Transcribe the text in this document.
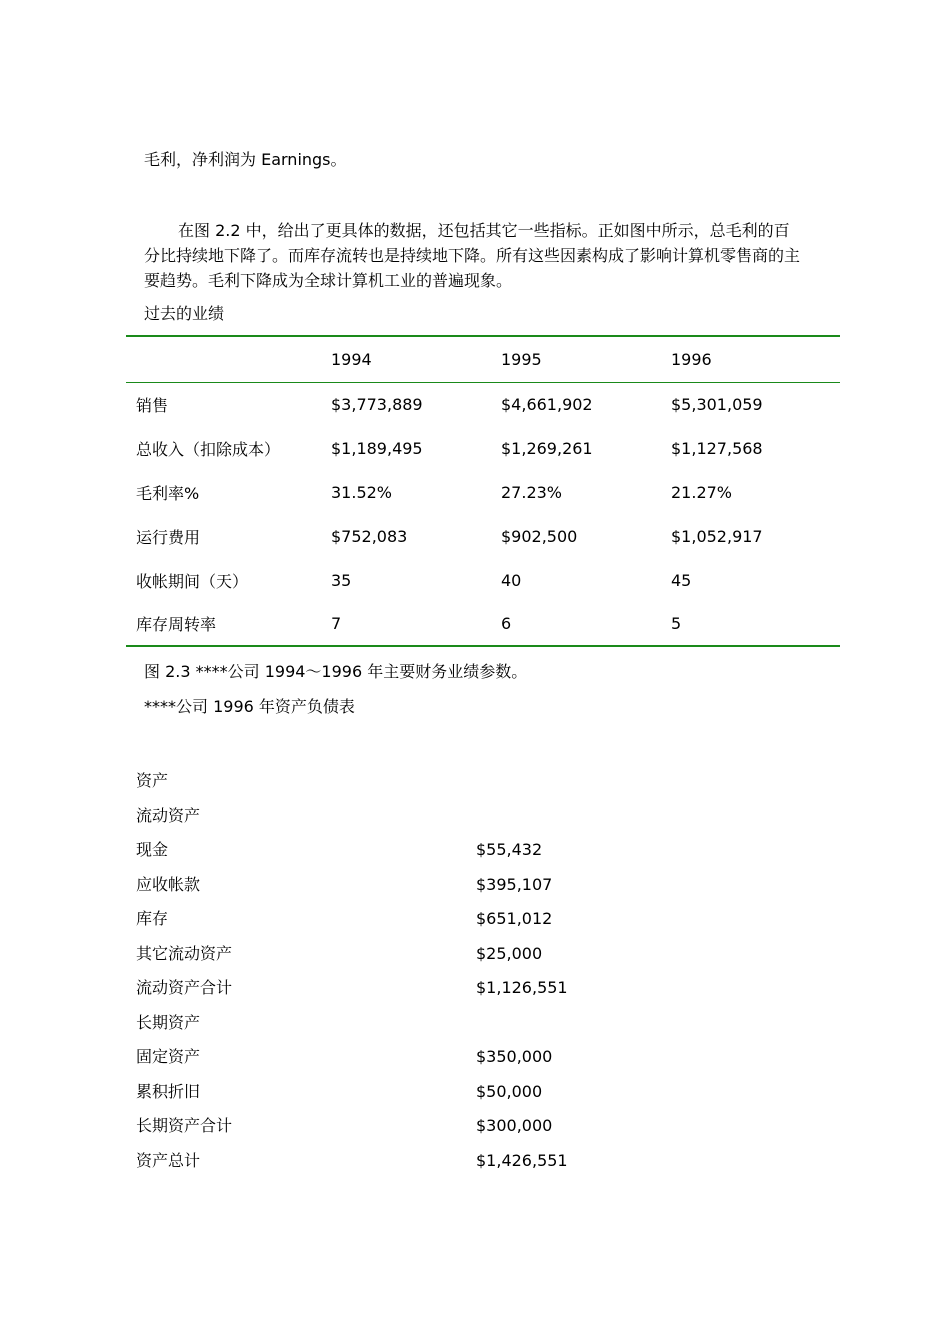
毛利，净利润为 Earnings。
在图 2.2 中，给出了更具体的数据，还包括其它一些指标。正如图中所示，总毛利的百分比持续地下降了。而库存流转也是持续地下降。所有这些因素构成了影响计算机零售商的主要趋势。毛利下降成为全球计算机工业的普遍现象。
过去的业绩
	1994	1995	1996
销售	$3,773,889	$4,661,902	$5,301,059
总收入（扣除成本）	$1,189,495	$1,269,261	$1,127,568
毛利率%	31.52%	27.23%	21.27%
运行费用	$752,083	$902,500	$1,052,917
收帐期间（天）	35	40	45
库存周转率	7	6	5
图 2.3 ****公司 1994～1996 年主要财务业绩参数。
****公司 1996 年资产负债表
资产
流动资产
现金	$55,432
应收帐款	$395,107
库存	$651,012
其它流动资产	$25,000
流动资产合计	$1,126,551
长期资产
固定资产	$350,000
累积折旧	$50,000
长期资产合计	$300,000
资产总计	$1,426,551
